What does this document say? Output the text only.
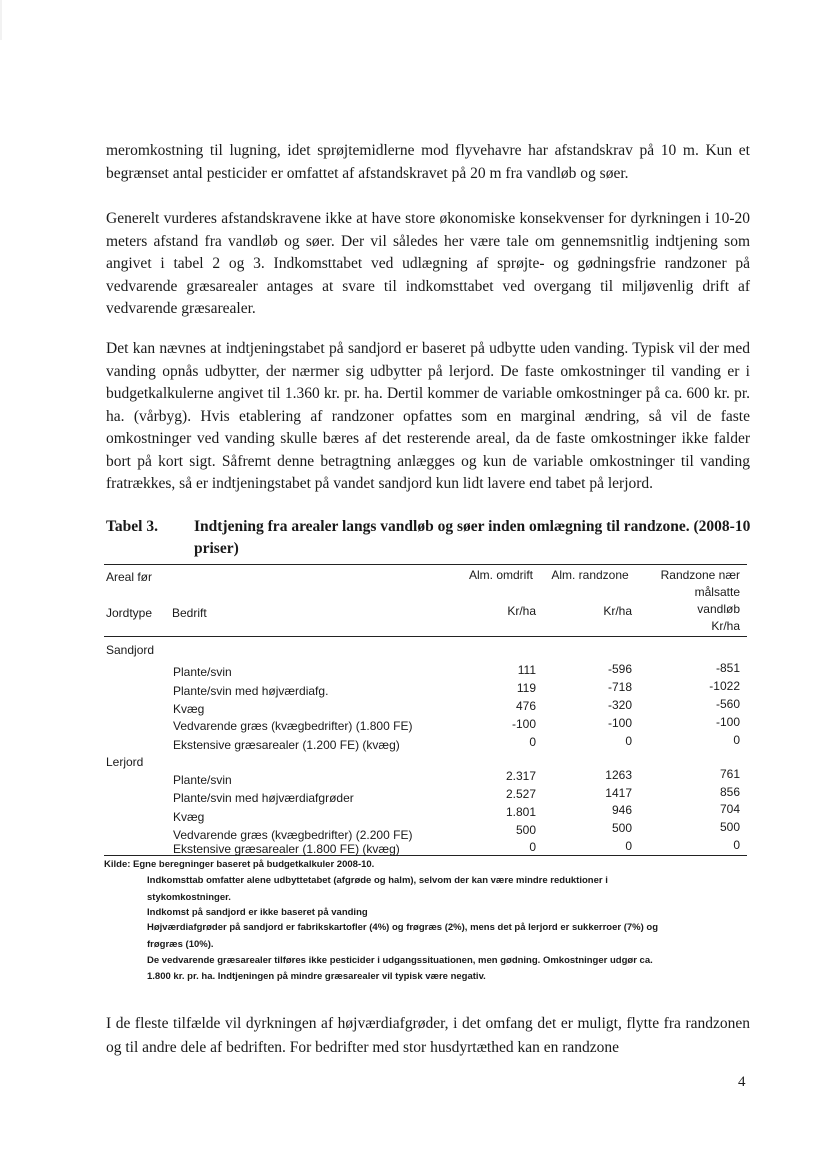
meromkostning til lugning, idet sprøjtemidlerne mod flyvehavre har afstandskrav på 10 m. Kun et begrænset antal pesticider er omfattet af afstandskravet på 20 m fra vandløb og søer.

Generelt vurderes afstandskravene ikke at have store økonomiske konsekvenser for dyrkningen i 10-20 meters afstand fra vandløb og søer. Der vil således her være tale om gennemsnitlig indtjening som angivet i tabel 2 og 3. Indkomsttabet ved udlægning af sprøjte- og gødningsfrie randzoner på vedvarende græsarealer antages at svare til indkomsttabet ved overgang til miljøvenlig drift af vedvarende græsarealer.

Det kan nævnes at indtjeningstabet på sandjord er baseret på udbytte uden vanding. Typisk vil der med vanding opnås udbytter, der nærmer sig udbytter på lerjord. De faste omkostninger til vanding er i budgetkalkulerne angivet til 1.360 kr. pr. ha. Dertil kommer de variable omkostninger på ca. 600 kr. pr. ha. (vårbyg). Hvis etablering af randzoner opfattes som en marginal ændring, så vil de faste omkostninger ved vanding skulle bæres af det resterende areal, da de faste omkostninger ikke falder bort på kort sigt. Såfremt denne betragtning anlægges og kun de variable omkostninger til vanding fratrækkes, så er indtjeningstabet på vandet sandjord kun lidt lavere end tabet på lerjord.

Tabel 3. Indtjening fra arealer langs vandløb og søer inden omlægning til randzone. (2008-10 priser)
Areal før
Jordtype Bedrift
Alm. omdrift	Alm. randzone	Randzone nær
målsatte
vandløb
Kr/ha	Kr/ha
Kr/ha
Sandjord
Plante/svin	111	-596	-851
Plante/svin med højværdiafg.	119	-718	-1022
Kvæg	476	-320	-560
Vedvarende græs (kvægbedrifter) (1.800 FE)	-100	-100	-100
Ekstensive græsarealer (1.200 FE) (kvæg)	0	0	0
Lerjord
Plante/svin	2.317	1263	761
Plante/svin med højværdiafgrøder	2.527	1417	856
Kvæg	1.801	946	704
Vedvarende græs (kvægbedrifter) (2.200 FE)	500	500	500
Ekstensive græsarealer (1.800 FE) (kvæg)	0	0	0
Kilde: Egne beregninger baseret på budgetkalkuler 2008-10.
Indkomsttab omfatter alene udbyttetabet (afgrøde og halm), selvom der kan være mindre reduktioner i
stykomkostninger.
Indkomst på sandjord er ikke baseret på vanding
Højværdiafgrøder på sandjord er fabrikskartofler (4%) og frøgræs (2%), mens det på lerjord er sukkerroer (7%) og
frøgræs (10%).
De vedvarende græsarealer tilføres ikke pesticider i udgangssituationen, men gødning. Omkostninger udgør ca.
1.800 kr. pr. ha. Indtjeningen på mindre græsarealer vil typisk være negativ.

I de fleste tilfælde vil dyrkningen af højværdiafgrøder, i det omfang det er muligt, flytte fra randzonen og til andre dele af bedriften. For bedrifter med stor husdyrtæthed kan en randzone

4
